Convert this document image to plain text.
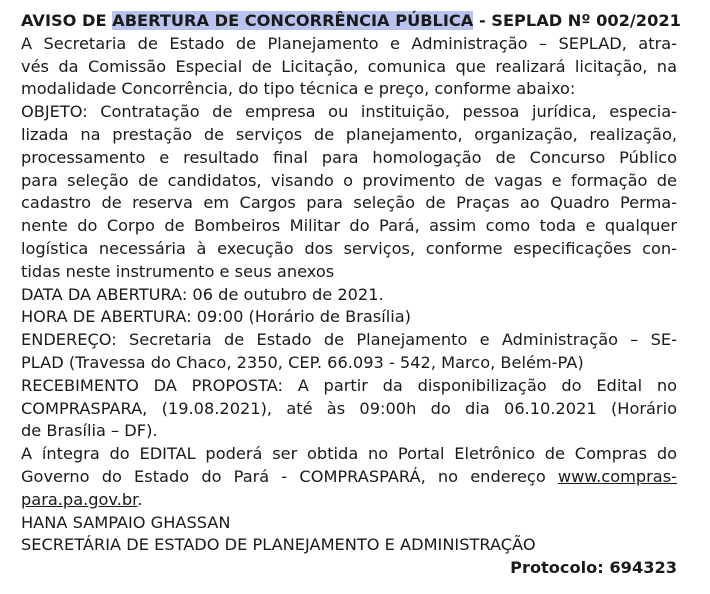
AVISO DE ABERTURA DE CONCORRÊNCIA PÚBLICA - SEPLAD Nº 002/2021
A Secretaria de Estado de Planejamento e Administração – SEPLAD, atra-
vés da Comissão Especial de Licitação, comunica que realizará licitação, na
modalidade Concorrência, do tipo técnica e preço, conforme abaixo:
OBJETO: Contratação de empresa ou instituição, pessoa jurídica, especia-
lizada na prestação de serviços de planejamento, organização, realização,
processamento e resultado final para homologação de Concurso Público
para seleção de candidatos, visando o provimento de vagas e formação de
cadastro de reserva em Cargos para seleção de Praças ao Quadro Perma-
nente do Corpo de Bombeiros Militar do Pará, assim como toda e qualquer
logística necessária à execução dos serviços, conforme especificações con-
tidas neste instrumento e seus anexos
DATA DA ABERTURA: 06 de outubro de 2021.
HORA DE ABERTURA: 09:00 (Horário de Brasília)
ENDEREÇO: Secretaria de Estado de Planejamento e Administração – SE-
PLAD (Travessa do Chaco, 2350, CEP. 66.093 - 542, Marco, Belém-PA)
RECEBIMENTO DA PROPOSTA: A partir da disponibilização do Edital no
COMPRASPARA, (19.08.2021), até às 09:00h do dia 06.10.2021 (Horário
de Brasília – DF).
A íntegra do EDITAL poderá ser obtida no Portal Eletrônico de Compras do
Governo do Estado do Pará - COMPRASPARÁ, no endereço www.compras-
para.pa.gov.br.
HANA SAMPAIO GHASSAN
SECRETÁRIA DE ESTADO DE PLANEJAMENTO E ADMINISTRAÇÃO
Protocolo: 694323
